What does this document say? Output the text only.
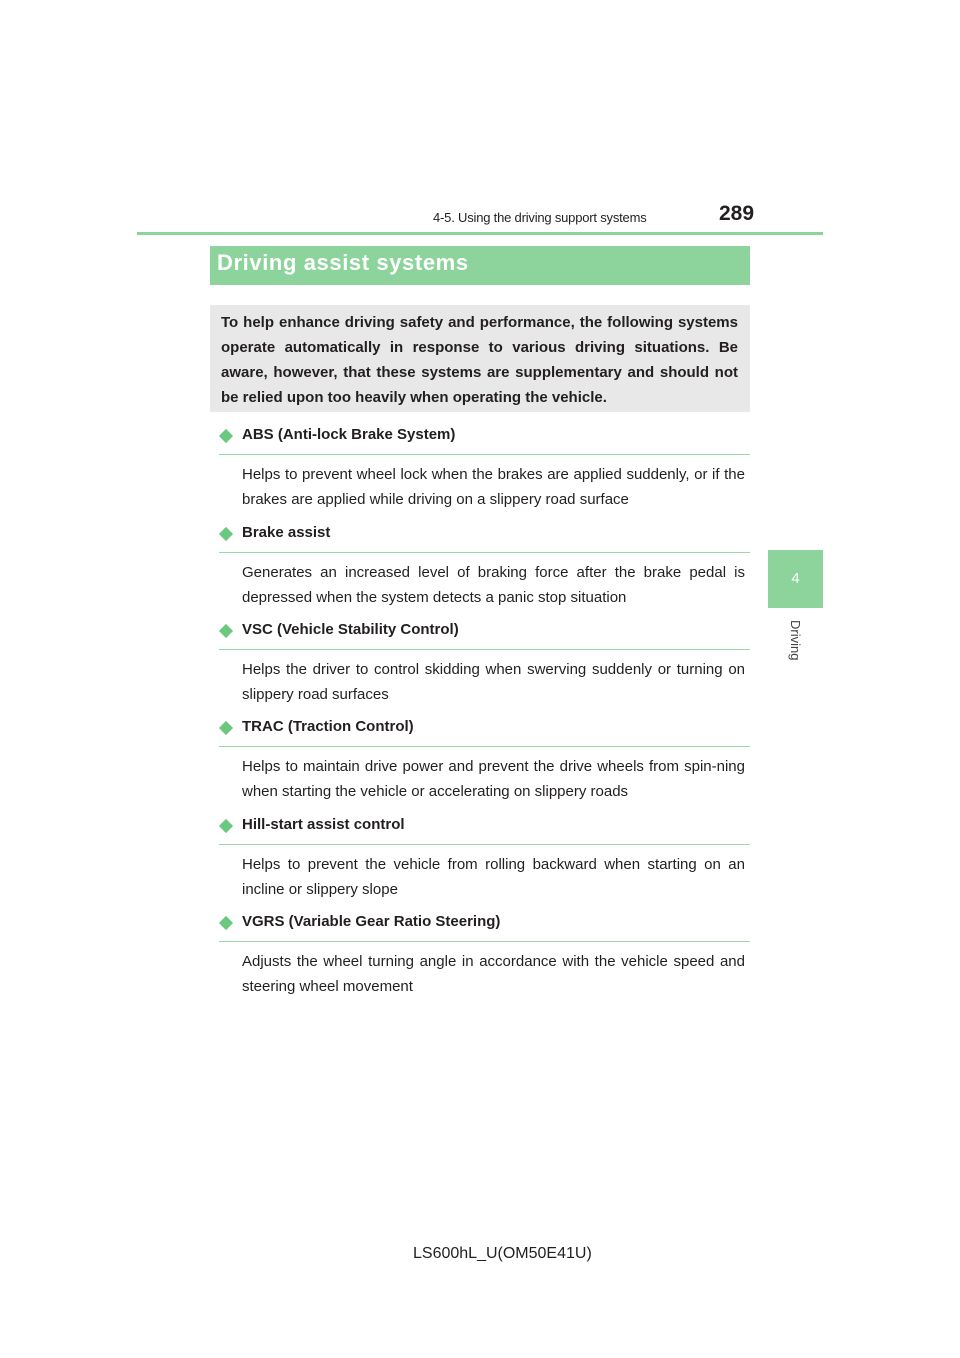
4-5. Using the driving support systems	289
4
Driving
Driving assist systems
To help enhance driving safety and performance, the following systems operate automatically in response to various driving situations. Be aware, however, that these systems are supplementary and should not be relied upon too heavily when operating the vehicle.
ABS (Anti-lock Brake System)
Helps to prevent wheel lock when the brakes are applied suddenly, or if the brakes are applied while driving on a slippery road surface
Brake assist
Generates an increased level of braking force after the brake pedal is depressed when the system detects a panic stop situation
VSC (Vehicle Stability Control)
Helps the driver to control skidding when swerving suddenly or turning on slippery road surfaces
TRAC (Traction Control)
Helps to maintain drive power and prevent the drive wheels from spin-ning when starting the vehicle or accelerating on slippery roads
Hill-start assist control
Helps to prevent the vehicle from rolling backward when starting on an incline or slippery slope
VGRS (Variable Gear Ratio Steering)
Adjusts the wheel turning angle in accordance with the vehicle speed and steering wheel movement
LS600hL_U(OM50E41U)
